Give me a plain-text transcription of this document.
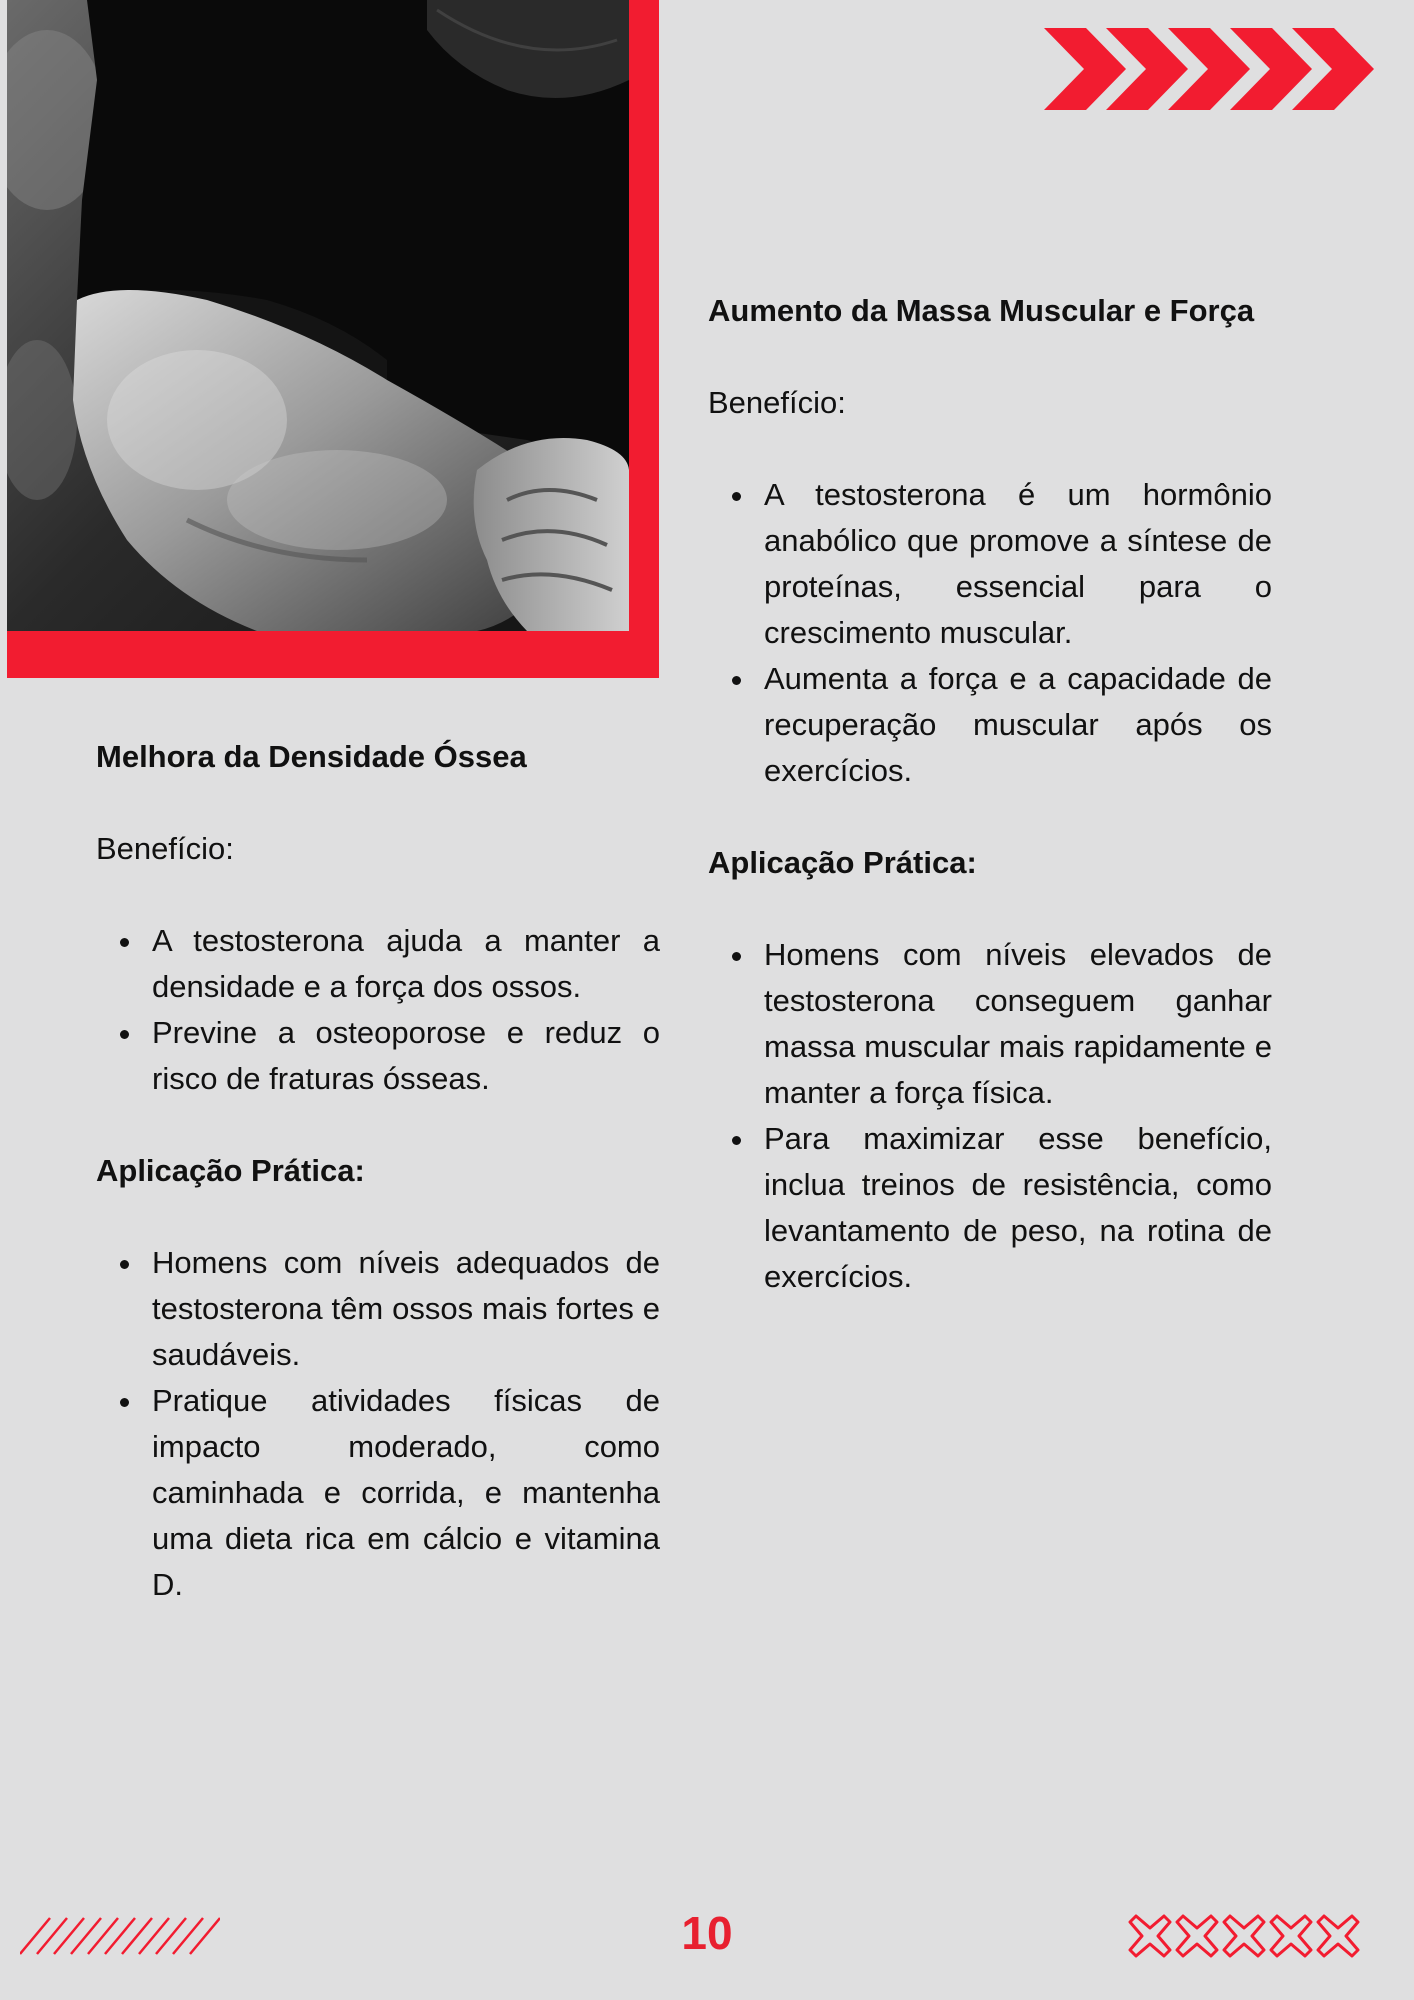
Aumento da Massa Muscular e Força

Benefício:

A testosterona é um hormônio anabólico que promove a síntese de proteínas, essencial para o crescimento muscular.
Aumenta a força e a capacidade de recuperação muscular após os exercícios.
Aplicação Prática:
Homens com níveis elevados de testosterona conseguem ganhar massa muscular mais rapidamente e manter a força física.
Para maximizar esse benefício, inclua treinos de resistência, como levantamento de peso, na rotina de exercícios.
Melhora da Densidade Óssea

Benefício:

A testosterona ajuda a manter a densidade e a força dos ossos.
Previne a osteoporose e reduz o risco de fraturas ósseas.
Aplicação Prática:
Homens com níveis adequados de testosterona têm ossos mais fortes e saudáveis.
Pratique atividades físicas de impacto moderado, como caminhada e corrida, e mantenha uma dieta rica em cálcio e vitamina D.
10
